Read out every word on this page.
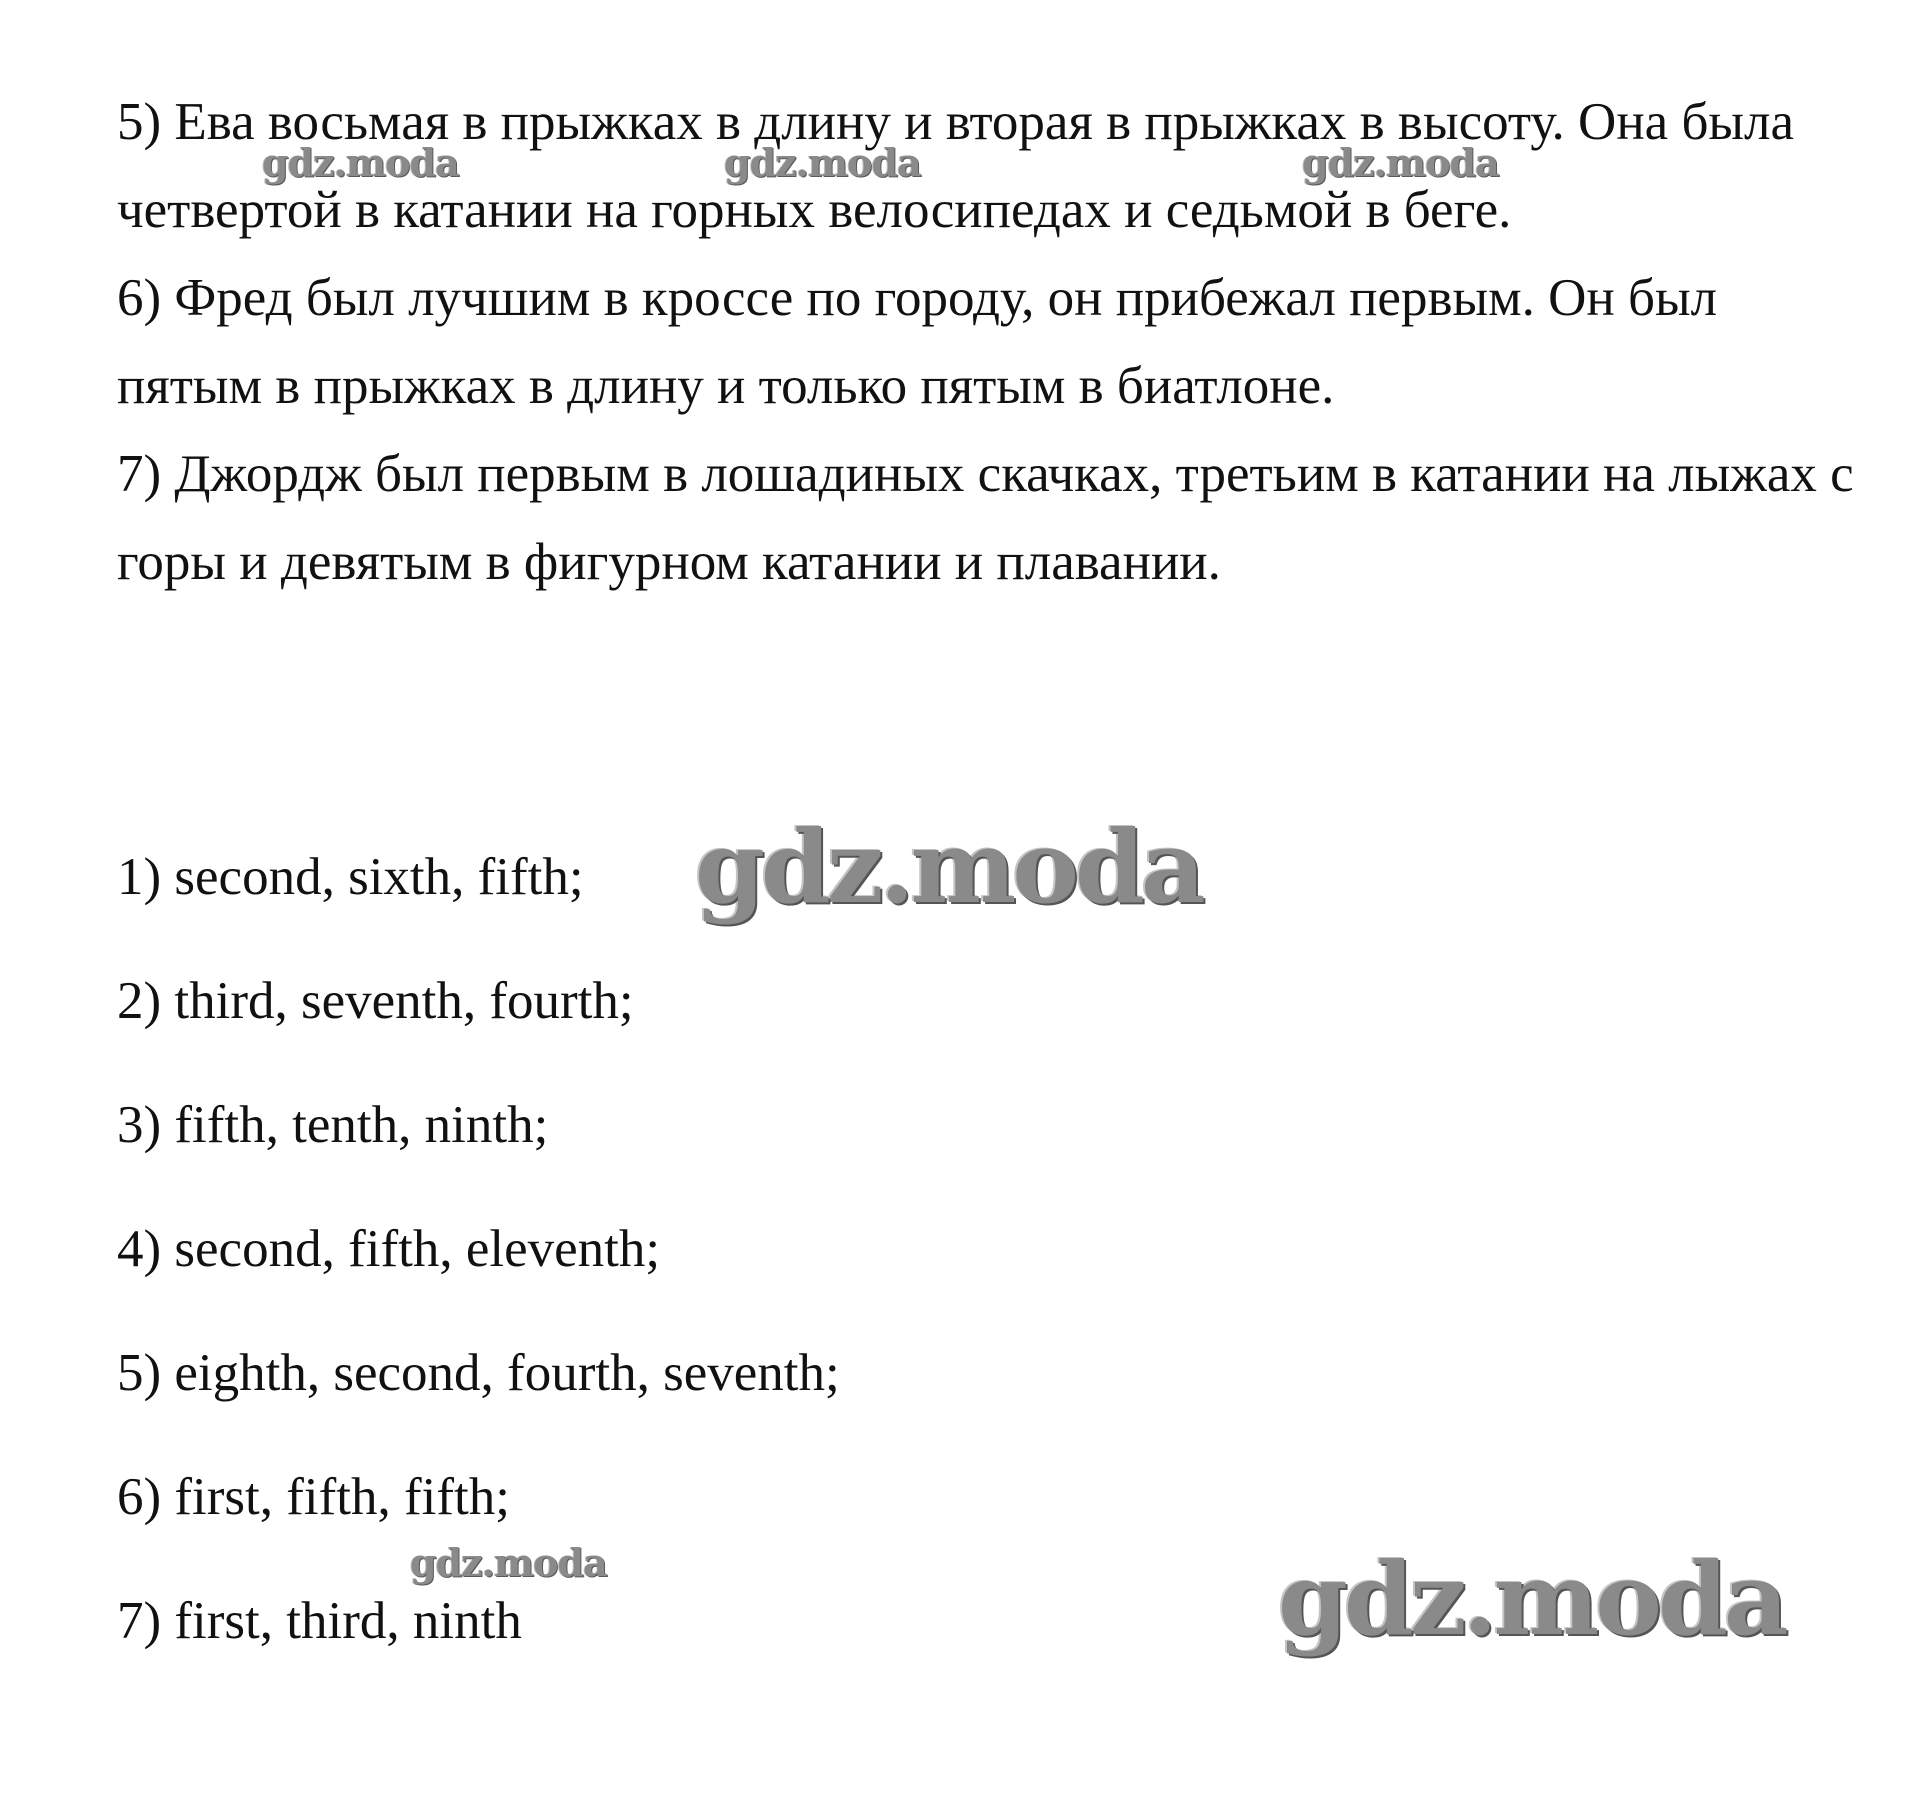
5) Ева восьмая в прыжках в длину и вторая в прыжках в высоту. Она была четвертой в катании на горных велосипедах и седьмой в беге.

6) Фред был лучшим в кроссе по городу, он прибежал первым. Он был пятым в прыжках в длину и только пятым в биатлоне.

7) Джордж был первым в лошадиных скачках, третьим в катании на лыжах с горы и девятым в фигурном катании и плавании.

1) second, sixth, fifth;
2) third, seventh, fourth;
3) fifth, tenth, ninth;
4) second, fifth, eleventh;
5) eighth, second, fourth, seventh;
6) first, fifth, fifth;
7) first, third, ninth
gdz.moda	gdz.moda	gdz.moda
gdz.moda
gdz.moda	gdz.moda
